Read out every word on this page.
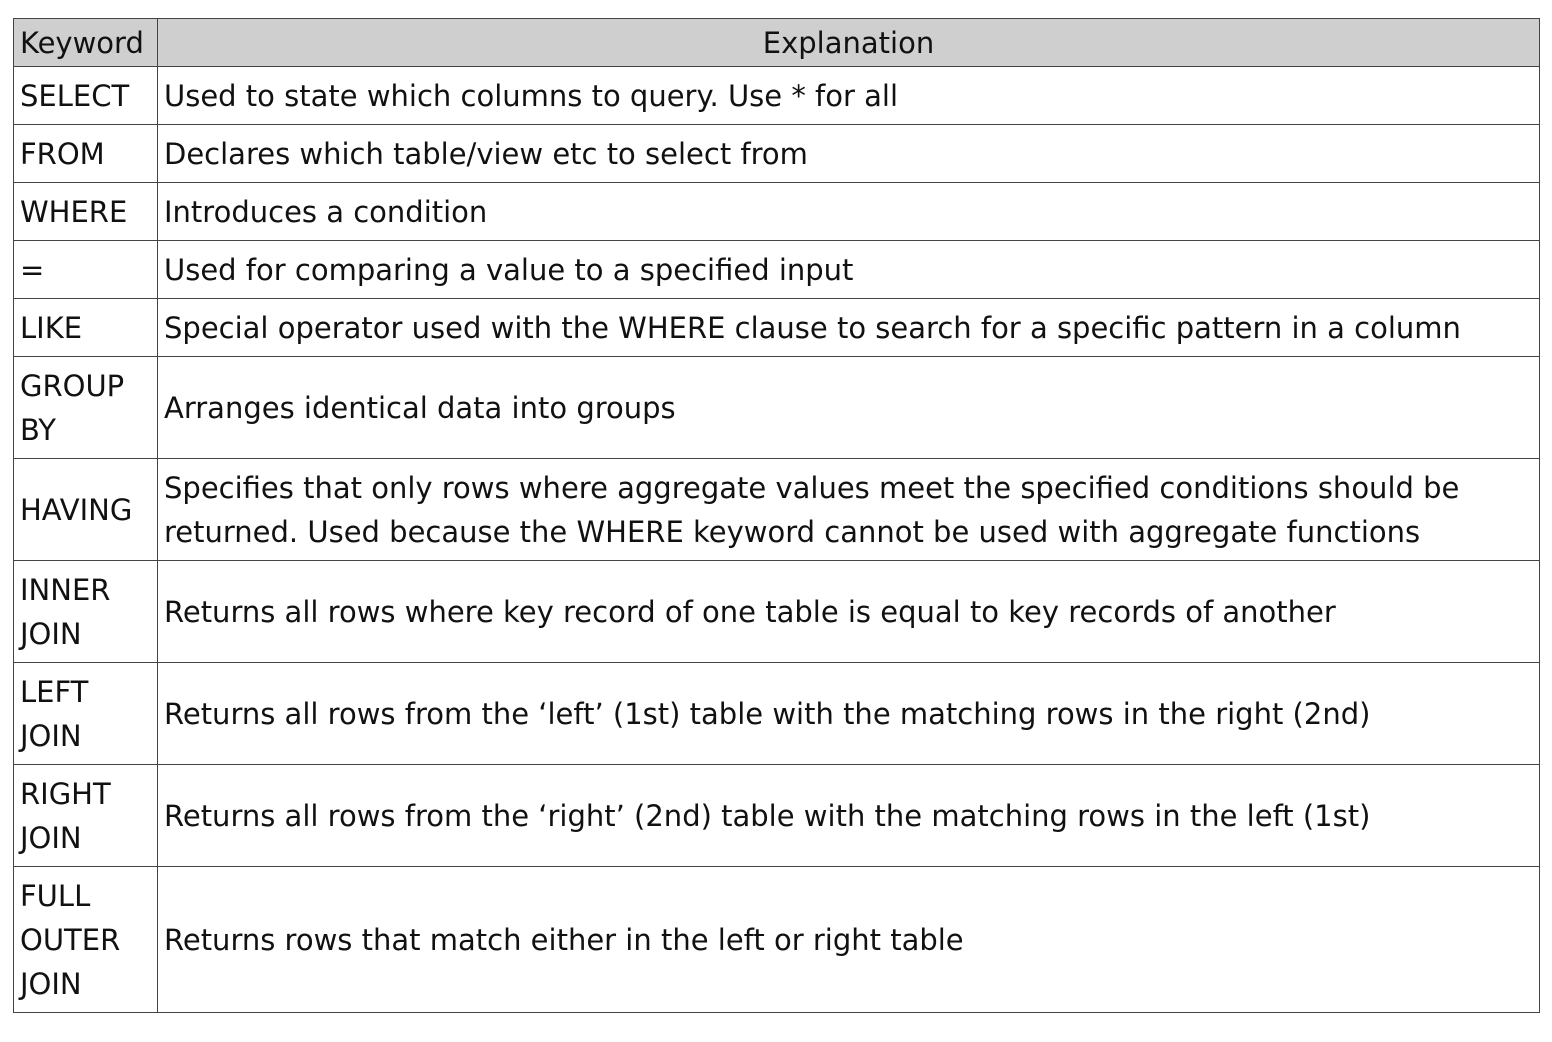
Keyword	Explanation
SELECT	Used to state which columns to query. Use * for all
FROM	Declares which table/view etc to select from
WHERE	Introduces a condition
=	Used for comparing a value to a specified input
LIKE	Special operator used with the WHERE clause to search for a specific pattern in a column
GROUP BY	Arranges identical data into groups
HAVING	Specifies that only rows where aggregate values meet the specified conditions should be returned. Used because the WHERE keyword cannot be used with aggregate functions
INNER JOIN	Returns all rows where key record of one table is equal to key records of another
LEFT JOIN	Returns all rows from the ‘left’ (1st) table with the matching rows in the right (2nd)
RIGHT JOIN	Returns all rows from the ‘right’ (2nd) table with the matching rows in the left (1st)
FULL OUTER JOIN	Returns rows that match either in the left or right table
